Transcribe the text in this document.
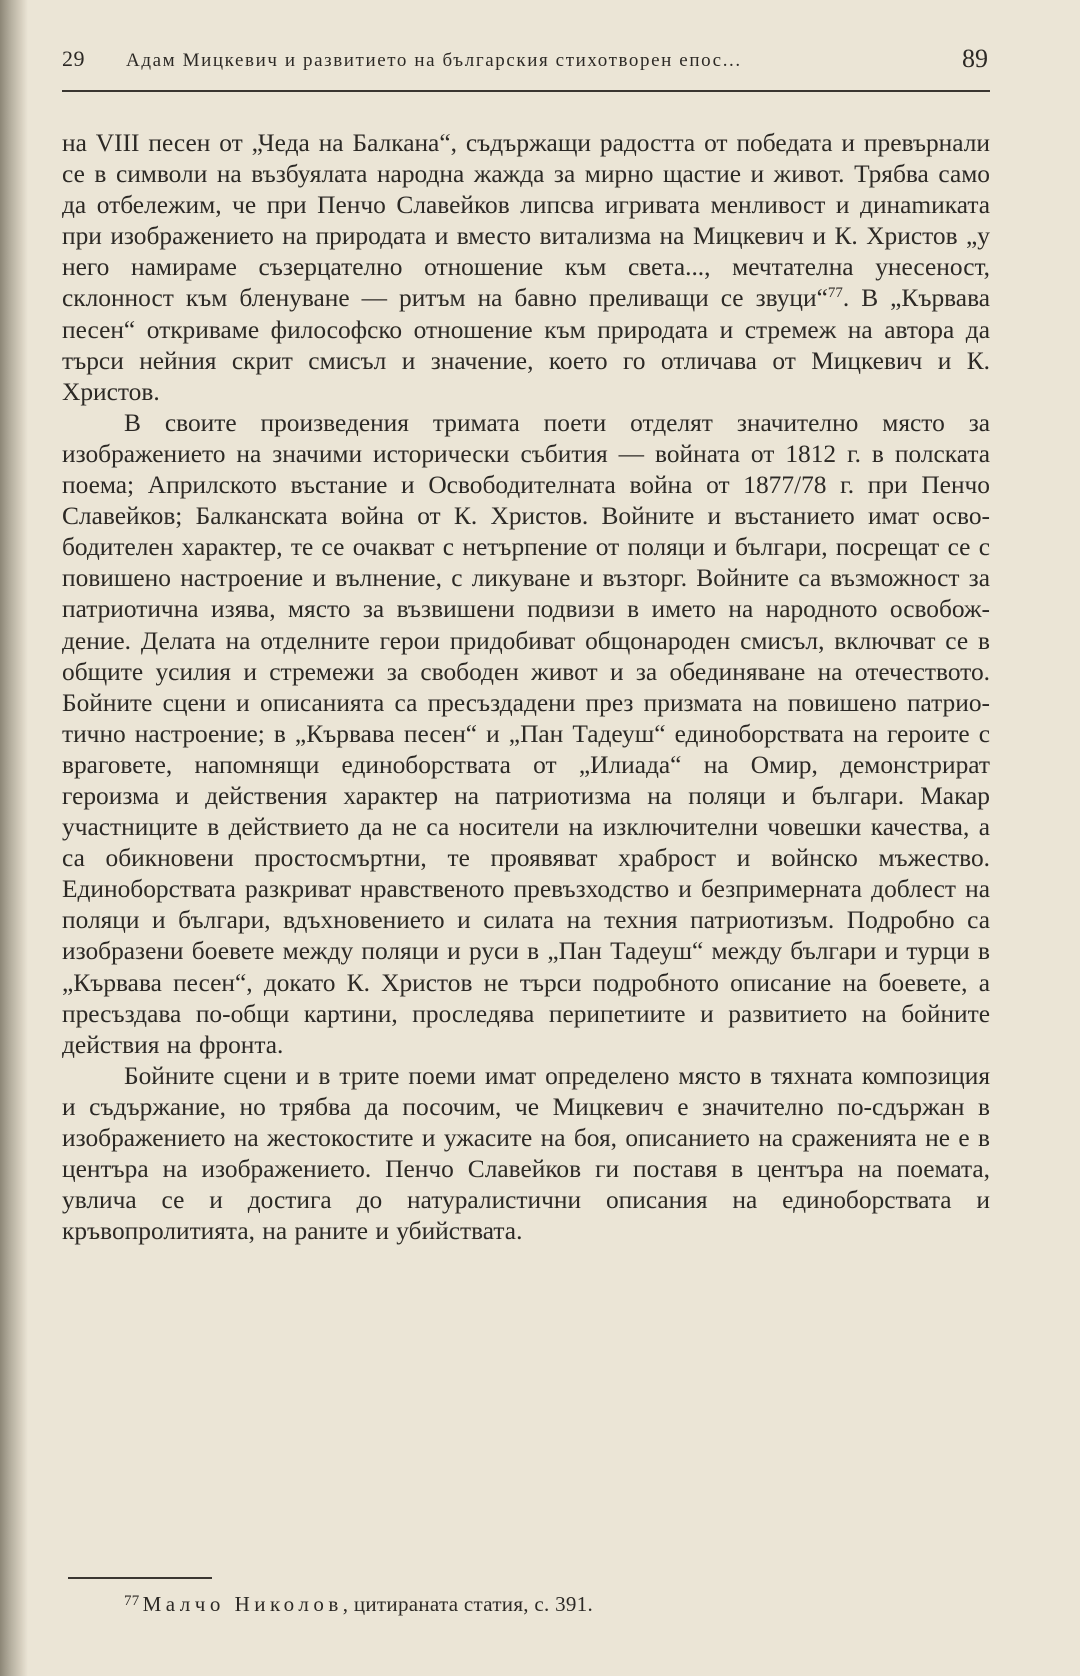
29 Адам Мицкевич и развитието на българския стихотворен епос...	89

на VIII песен от „Чеда на Балкана“, съдържащи радостта от победата и превърнали се в символи на възбуялата народна жажда за мирно щастие и живот. Трябва само да отбележим, че при Пенчо Славейков липсва игривата менливост и динаmиката при изображението на природата и вместо витализма на Мицкевич и К. Христов „у него намираме съзерцателно отношение към света..., мечтателна унесеност, склонност към бленуване — ритъм на бавно преливащи се звуци“$^{77}$. В „Кървава песен“ откриваме философско отношение към природата и стремеж на автора да търси нейния скрит смисъл и значение, което го отличава от Мицкевич и К. Христов.

В своите произведения тримата поети отделят значително място за изображението на значими исторически събития — войната от 1812 г. в полската поема; Априлското въстание и Освободителната война от 1877/78 г. при Пенчо Славейков; Балканската война от К. Христов. Войните и въстанието имат освободителен характер, те се очакват с нетърпение от поляци и българи, посрещат се с повишено настроение и вълнение, с ликуване и възторг. Войните са възможност за патриотична изява, място за възвишени подвизи в името на народното освобождение. Делата на отделните герои придобиват общонароден смисъл, включват се в общите усилия и стремежи за свободен живот и за обединяване на отечеството. Бойните сцени и описанията са пресъздадени през призмата на повишено патриотично настроение; в „Кървава песен“ и „Пан Тадеуш“ единоборствата на героите с враговете, напомнящи единоборствата от „Илиада“ на Омир, демонстрират героизма и действения характер на патриотизма на поляци и българи. Макар участниците в действието да не са носители на изключителни човешки качества, а са обикновени простосмъртни, те проявяват храброст и войнско мъжество. Единоборствата разкриват нравственото превъзходство и безпримерната доблест на поляци и българи, вдъхновението и силата на техния патриотизъм. Подробно са изобразени боевете между поляци и руси в „Пан Тадеуш“ между българи и турци в „Кървава песен“, докато К. Христов не търси подробното описание на боевете, а пресъздава по-общи картини, проследява перипетиите и развитието на бойните действия на фронта.

Бойните сцени и в трите поеми имат определено място в тяхната композиция и съдържание, но трябва да посочим, че Мицкевич е значително по-сдържан в изображението на жестокостите и ужасите на боя, описанието на сраженията не е в центъра на изображението. Пенчо Славейков ги поставя в центъра на поемата, увлича се и достига до натуралистични описания на единоборствата и кръвопролитията, на раните и убийствата.

$^{77}$ Малчо Николов, цитираната статия, с. 391.
